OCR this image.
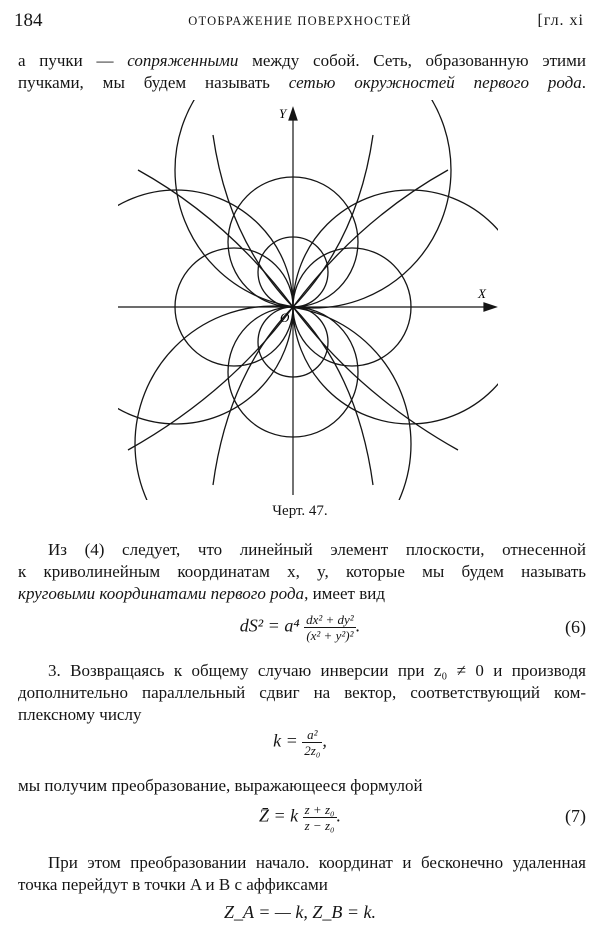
184	ОТОБРАЖЕНИЕ ПОВЕРХНОСТЕЙ	[гл. xi
а пучки — сопряженными между собой. Сеть, образованную этими
пучками, мы будем называть сетью окружностей первого рода.
X
Y
O
Черт. 47.
Из (4) следует, что линейный элемент плоскости, отнесенной
к криволинейным координатам x, y, которые мы будем называть
круговыми координатами первого рода, имеет вид
$dS^2 = a^4 \frac{\text{dx² + dy²}}{\text{(x² + y²)²}}$ .	(6)
3. Возвращаясь к общему случаю инверсии при z₀ ≠ 0 и производя
дополнительно параллельный сдвиг на вектор, соответствующий ком-
плексному числу
$k = \frac{\text{a²}}{\text{2z₀}}$ ,
мы получим преобразование, выражающееся формулой
Z̄ = k $\frac{\text{z + z₀}}{\text{z − z₀}}$ .	(7)
При этом преобразовании начало. координат и бесконечно удаленная
точка перейдут в точки A и B с аффиксами
Z_A = — k, Z_B = k.
